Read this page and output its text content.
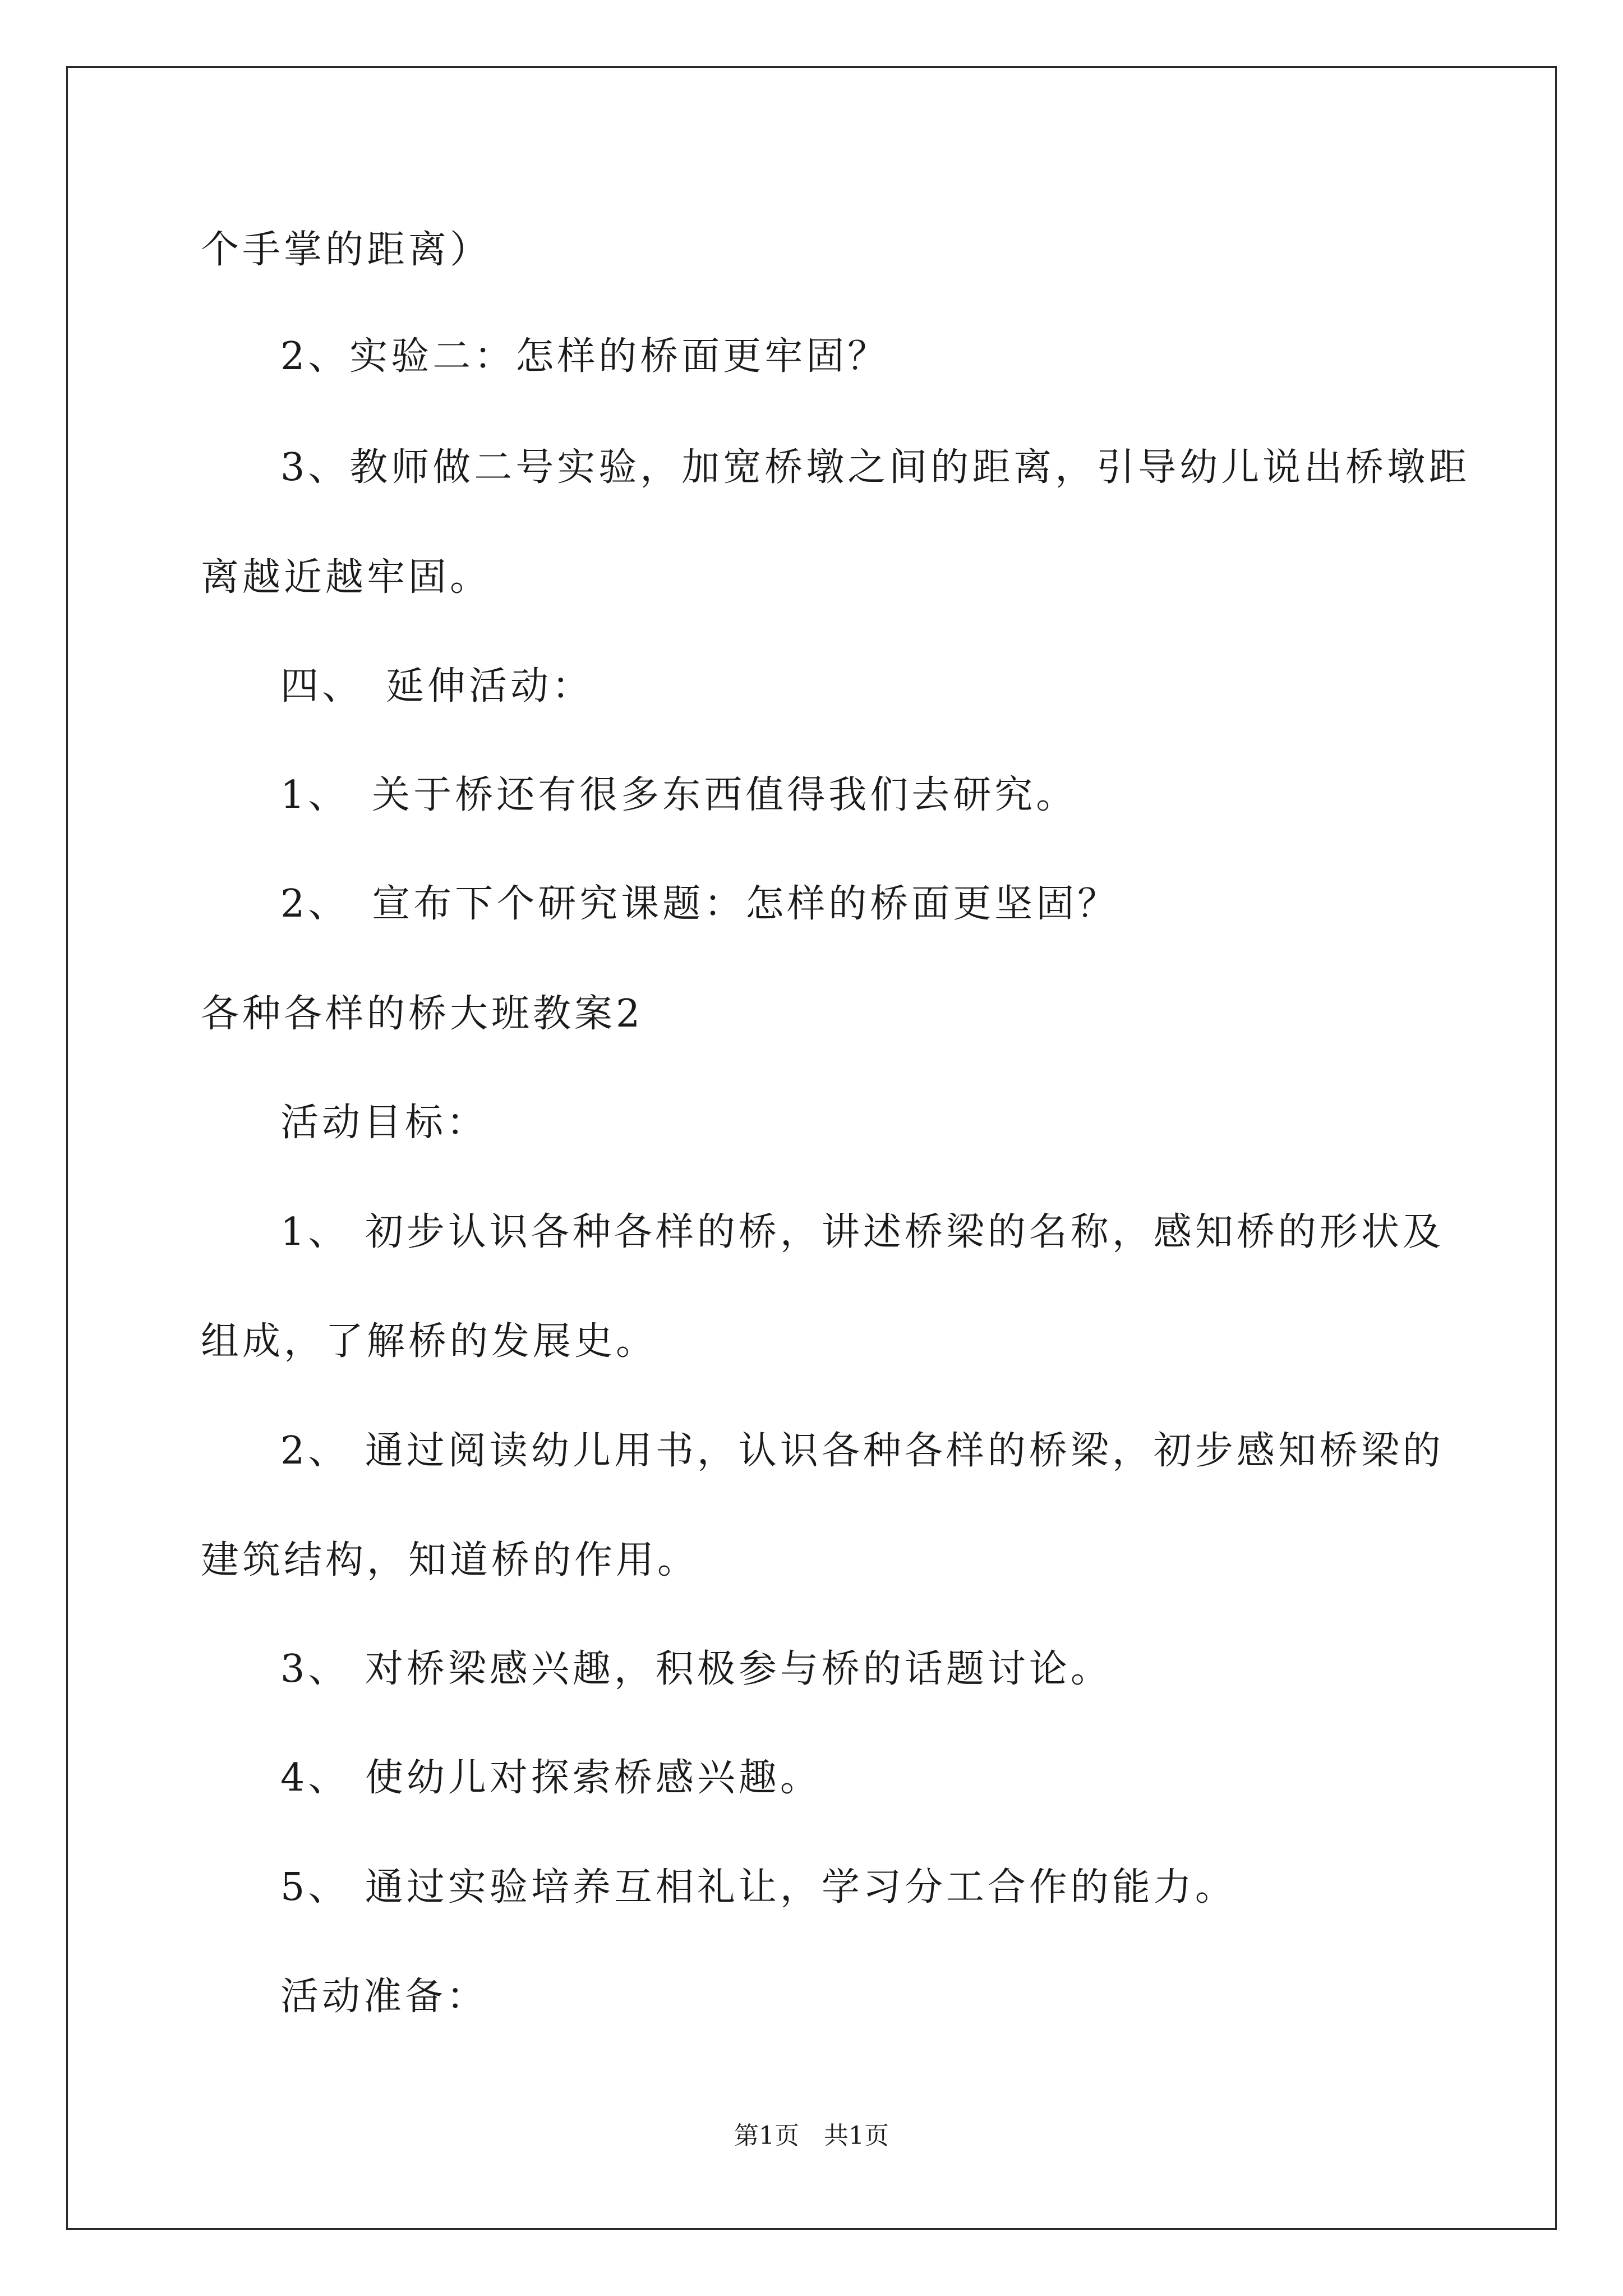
个手掌的距离）
2、实验二：怎样的桥面更牢固？
3、教师做二号实验，加宽桥墩之间的距离，引导幼儿说出桥墩距
离越近越牢固。
四、　延伸活动：
1、　关于桥还有很多东西值得我们去研究。
2、　宣布下个研究课题：怎样的桥面更坚固？
各种各样的桥大班教案2
活动目标：
1、 初步认识各种各样的桥，讲述桥梁的名称，感知桥的形状及
组成，了解桥的发展史。
2、 通过阅读幼儿用书，认识各种各样的桥梁，初步感知桥梁的
建筑结构，知道桥的作用。
3、 对桥梁感兴趣，积极参与桥的话题讨论。
4、 使幼儿对探索桥感兴趣。
5、 通过实验培养互相礼让，学习分工合作的能力。
活动准备：
第1页　共1页
